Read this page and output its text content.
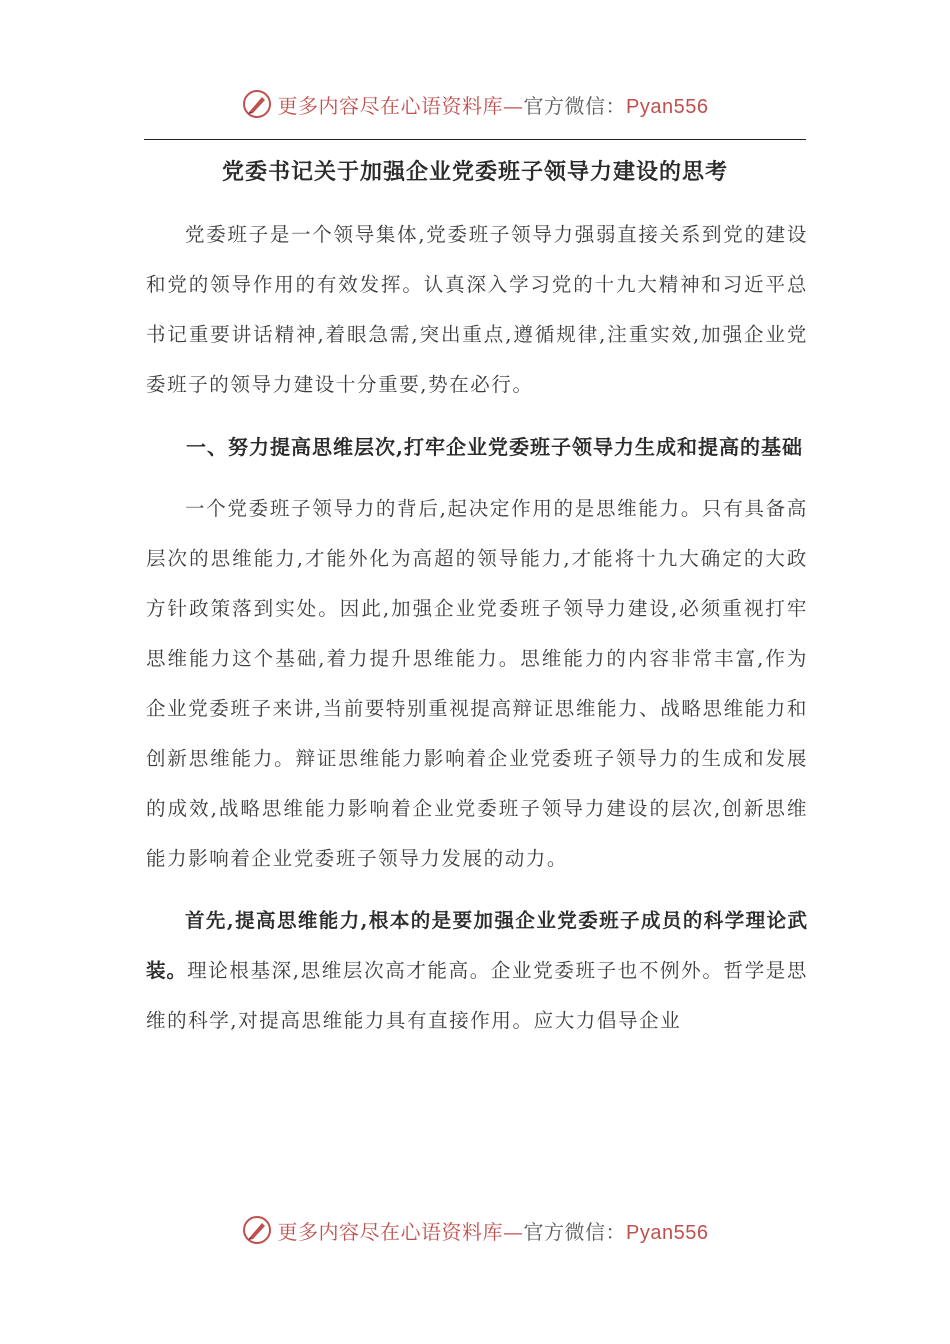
更多内容尽在心语资料库—官方微信：Pyan556
党委书记关于加强企业党委班子领导力建设的思考

党委班子是一个领导集体,党委班子领导力强弱直接关系到党的建设和党的领导作用的有效发挥。认真深入学习党的十九大精神和习近平总书记重要讲话精神,着眼急需,突出重点,遵循规律,注重实效,加强企业党委班子的领导力建设十分重要,势在必行。

一、努力提高思维层次,打牢企业党委班子领导力生成和提高的基础

一个党委班子领导力的背后,起决定作用的是思维能力。只有具备高层次的思维能力,才能外化为高超的领导能力,才能将十九大确定的大政方针政策落到实处。因此,加强企业党委班子领导力建设,必须重视打牢思维能力这个基础,着力提升思维能力。思维能力的内容非常丰富,作为企业党委班子来讲,当前要特别重视提高辩证思维能力、战略思维能力和创新思维能力。辩证思维能力影响着企业党委班子领导力的生成和发展的成效,战略思维能力影响着企业党委班子领导力建设的层次,创新思维能力影响着企业党委班子领导力发展的动力。

首先,提高思维能力,根本的是要加强企业党委班子成员的科学理论武装。理论根基深,思维层次高才能高。企业党委班子也不例外。哲学是思维的科学,对提高思维能力具有直接作用。应大力倡导企业

更多内容尽在心语资料库—官方微信：Pyan556
